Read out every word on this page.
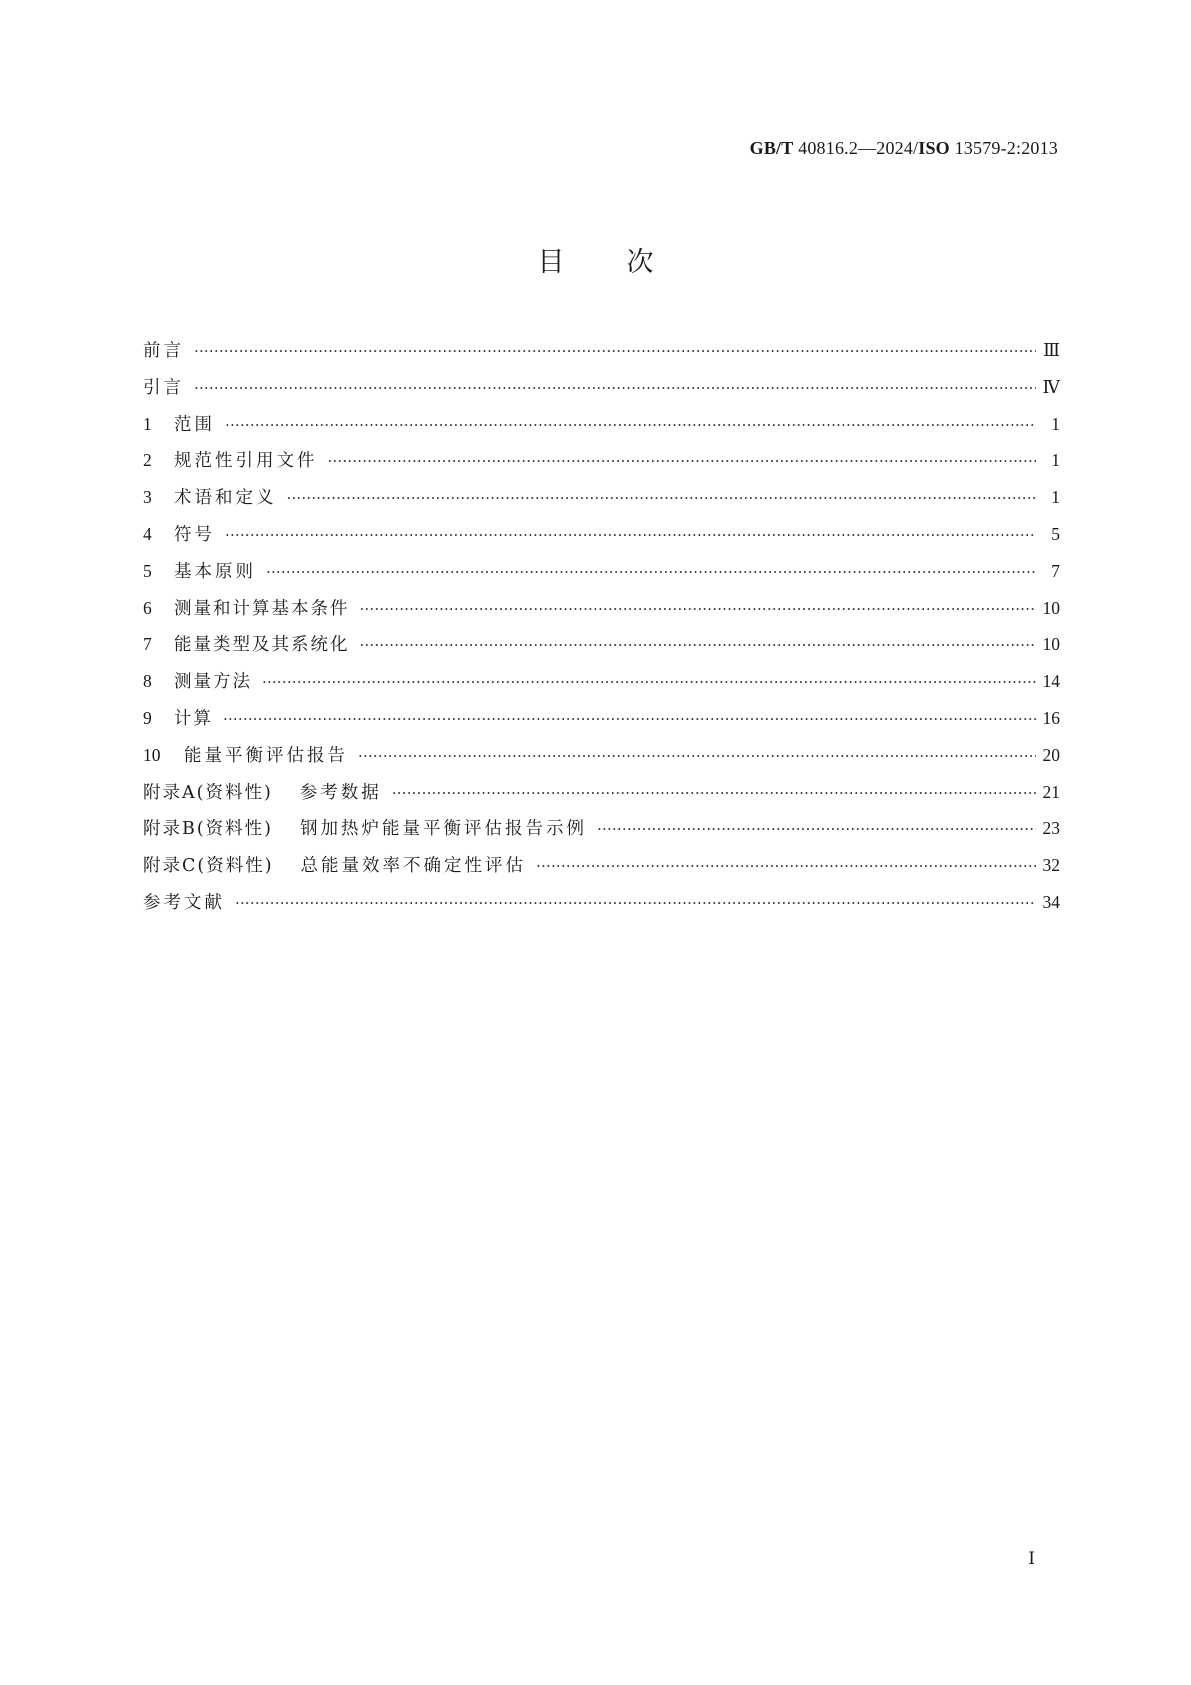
GB/T 40816.2—2024/ISO 13579-2:2013
目次
前言 ·····	Ⅲ
引言 ·····	Ⅳ
1	范围 ·····	1
2	规范性引用文件 ·····	1
3	术语和定义 ·····	1
4	符号 ·····	5
5	基本原则 ·····	7
6	测量和计算基本条件 ·····	10
7	能量类型及其系统化 ·····	10
8	测量方法 ·····	14
9	计算 ·····	16
10	能量平衡评估报告 ·····	20
附录A(资料性) 参考数据 ·····	21
附录B(资料性) 钢加热炉能量平衡评估报告示例 ·····	23
附录C(资料性) 总能量效率不确定性评估 ·····	32
参考文献 ·····	34
Ⅰ
